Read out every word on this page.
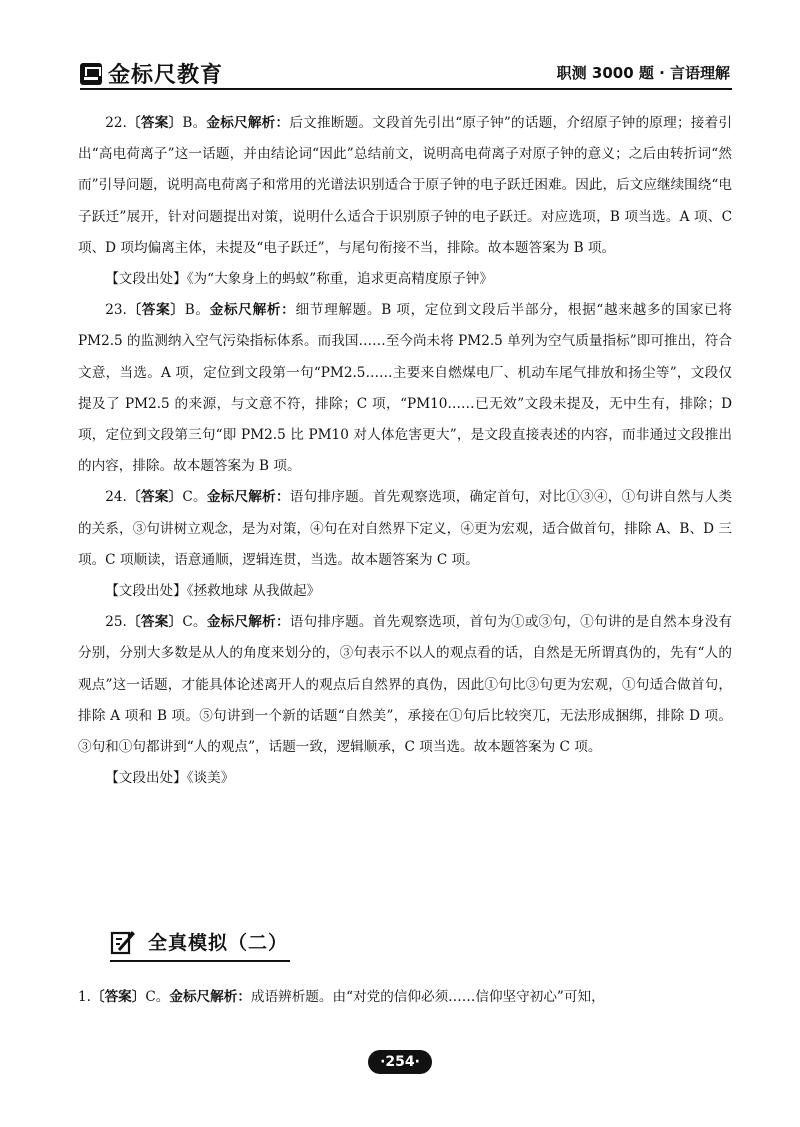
金标尺教育	职测 3000 题 · 言语理解

22.〔答案〕B。金标尺解析：后文推断题。文段首先引出“原子钟”的话题，介绍原子钟的原理；接着引出“高电荷离子”这一话题，并由结论词“因此”总结前文，说明高电荷离子对原子钟的意义；之后由转折词“然而”引导问题，说明高电荷离子和常用的光谱法识别适合于原子钟的电子跃迁困难。因此，后文应继续围绕“电子跃迁”展开，针对问题提出对策，说明什么适合于识别原子钟的电子跃迁。对应选项，B 项当选。A 项、C 项、D 项均偏离主体，未提及“电子跃迁”，与尾句衔接不当，排除。故本题答案为 B 项。

【文段出处】《为“大象身上的蚂蚁”称重，追求更高精度原子钟》

23.〔答案〕B。金标尺解析：细节理解题。B 项，定位到文段后半部分，根据“越来越多的国家已将 PM2.5 的监测纳入空气污染指标体系。而我国……至今尚未将 PM2.5 单列为空气质量指标”即可推出，符合文意，当选。A 项，定位到文段第一句“PM2.5……主要来自燃煤电厂、机动车尾气排放和扬尘等”，文段仅提及了 PM2.5 的来源，与文意不符，排除；C 项，“PM10……已无效”文段未提及，无中生有，排除；D 项，定位到文段第三句“即 PM2.5 比 PM10 对人体危害更大”，是文段直接表述的内容，而非通过文段推出的内容，排除。故本题答案为 B 项。

24.〔答案〕C。金标尺解析：语句排序题。首先观察选项，确定首句，对比①③④，①句讲自然与人类的关系，③句讲树立观念，是为对策，④句在对自然界下定义，④更为宏观，适合做首句，排除 A、B、D 三项。C 项顺读，语意通顺，逻辑连贯，当选。故本题答案为 C 项。

【文段出处】《拯救地球 从我做起》

25.〔答案〕C。金标尺解析：语句排序题。首先观察选项，首句为①或③句，①句讲的是自然本身没有分别，分别大多数是从人的角度来划分的，③句表示不以人的观点看的话，自然是无所谓真伪的，先有“人的观点”这一话题，才能具体论述离开人的观点后自然界的真伪，因此①句比③句更为宏观，①句适合做首句，排除 A 项和 B 项。⑤句讲到一个新的话题“自然美”，承接在①句后比较突兀，无法形成捆绑，排除 D 项。③句和①句都讲到“人的观点”，话题一致，逻辑顺承，C 项当选。故本题答案为 C 项。

【文段出处】《谈美》

全真模拟（二）

1.〔答案〕C。金标尺解析：成语辨析题。由“对党的信仰必须……信仰坚守初心”可知，

·254·
